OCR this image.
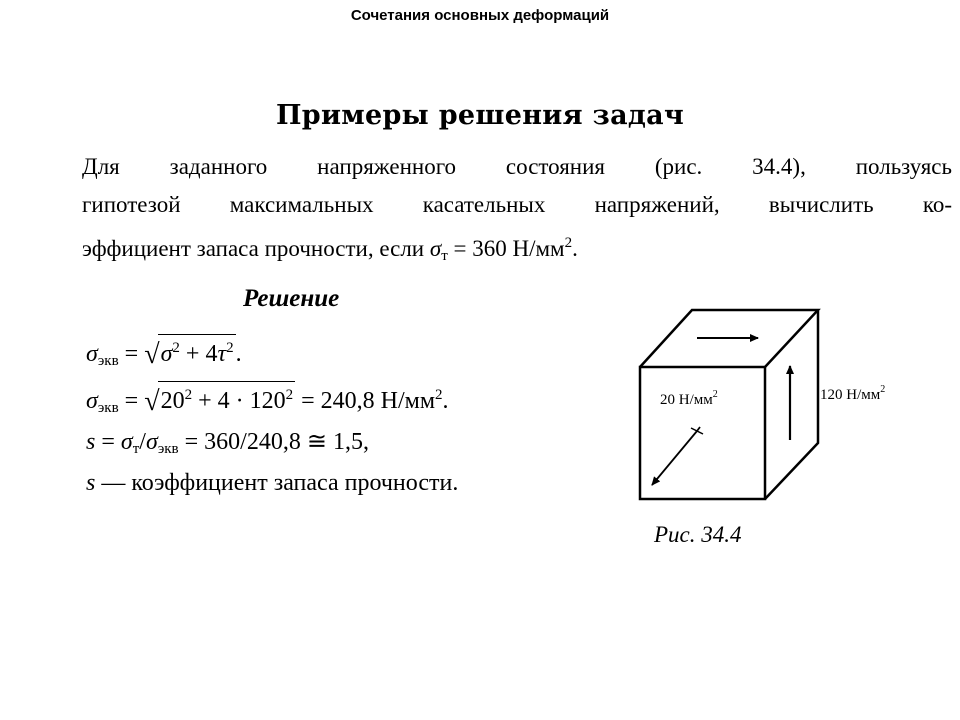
Сочетания основных деформаций
Примеры решения задач
Для заданного напряженного состояния (рис. 34.4), пользуясь
гипотезой максимальных касательных напряжений, вычислить ко-
эффициент запаса прочности, если $\sigma_т = 360$ $Н/мм^2$.
Решение
$\sigma_{экв} = √\sigma^2 + 4\tau^2$.
$\sigma_{экв} = √20^2 + 4 \cdot 120^2 = 240,8$ $Н/мм^2$.
$s = \sigma_т/\sigma_{экв} = 360/240,8$ ≅ 1,5,
s — коэффициент запаса прочности.
20 $Н/мм^2$	120 $Н/мм^2$
Рис. 34.4
